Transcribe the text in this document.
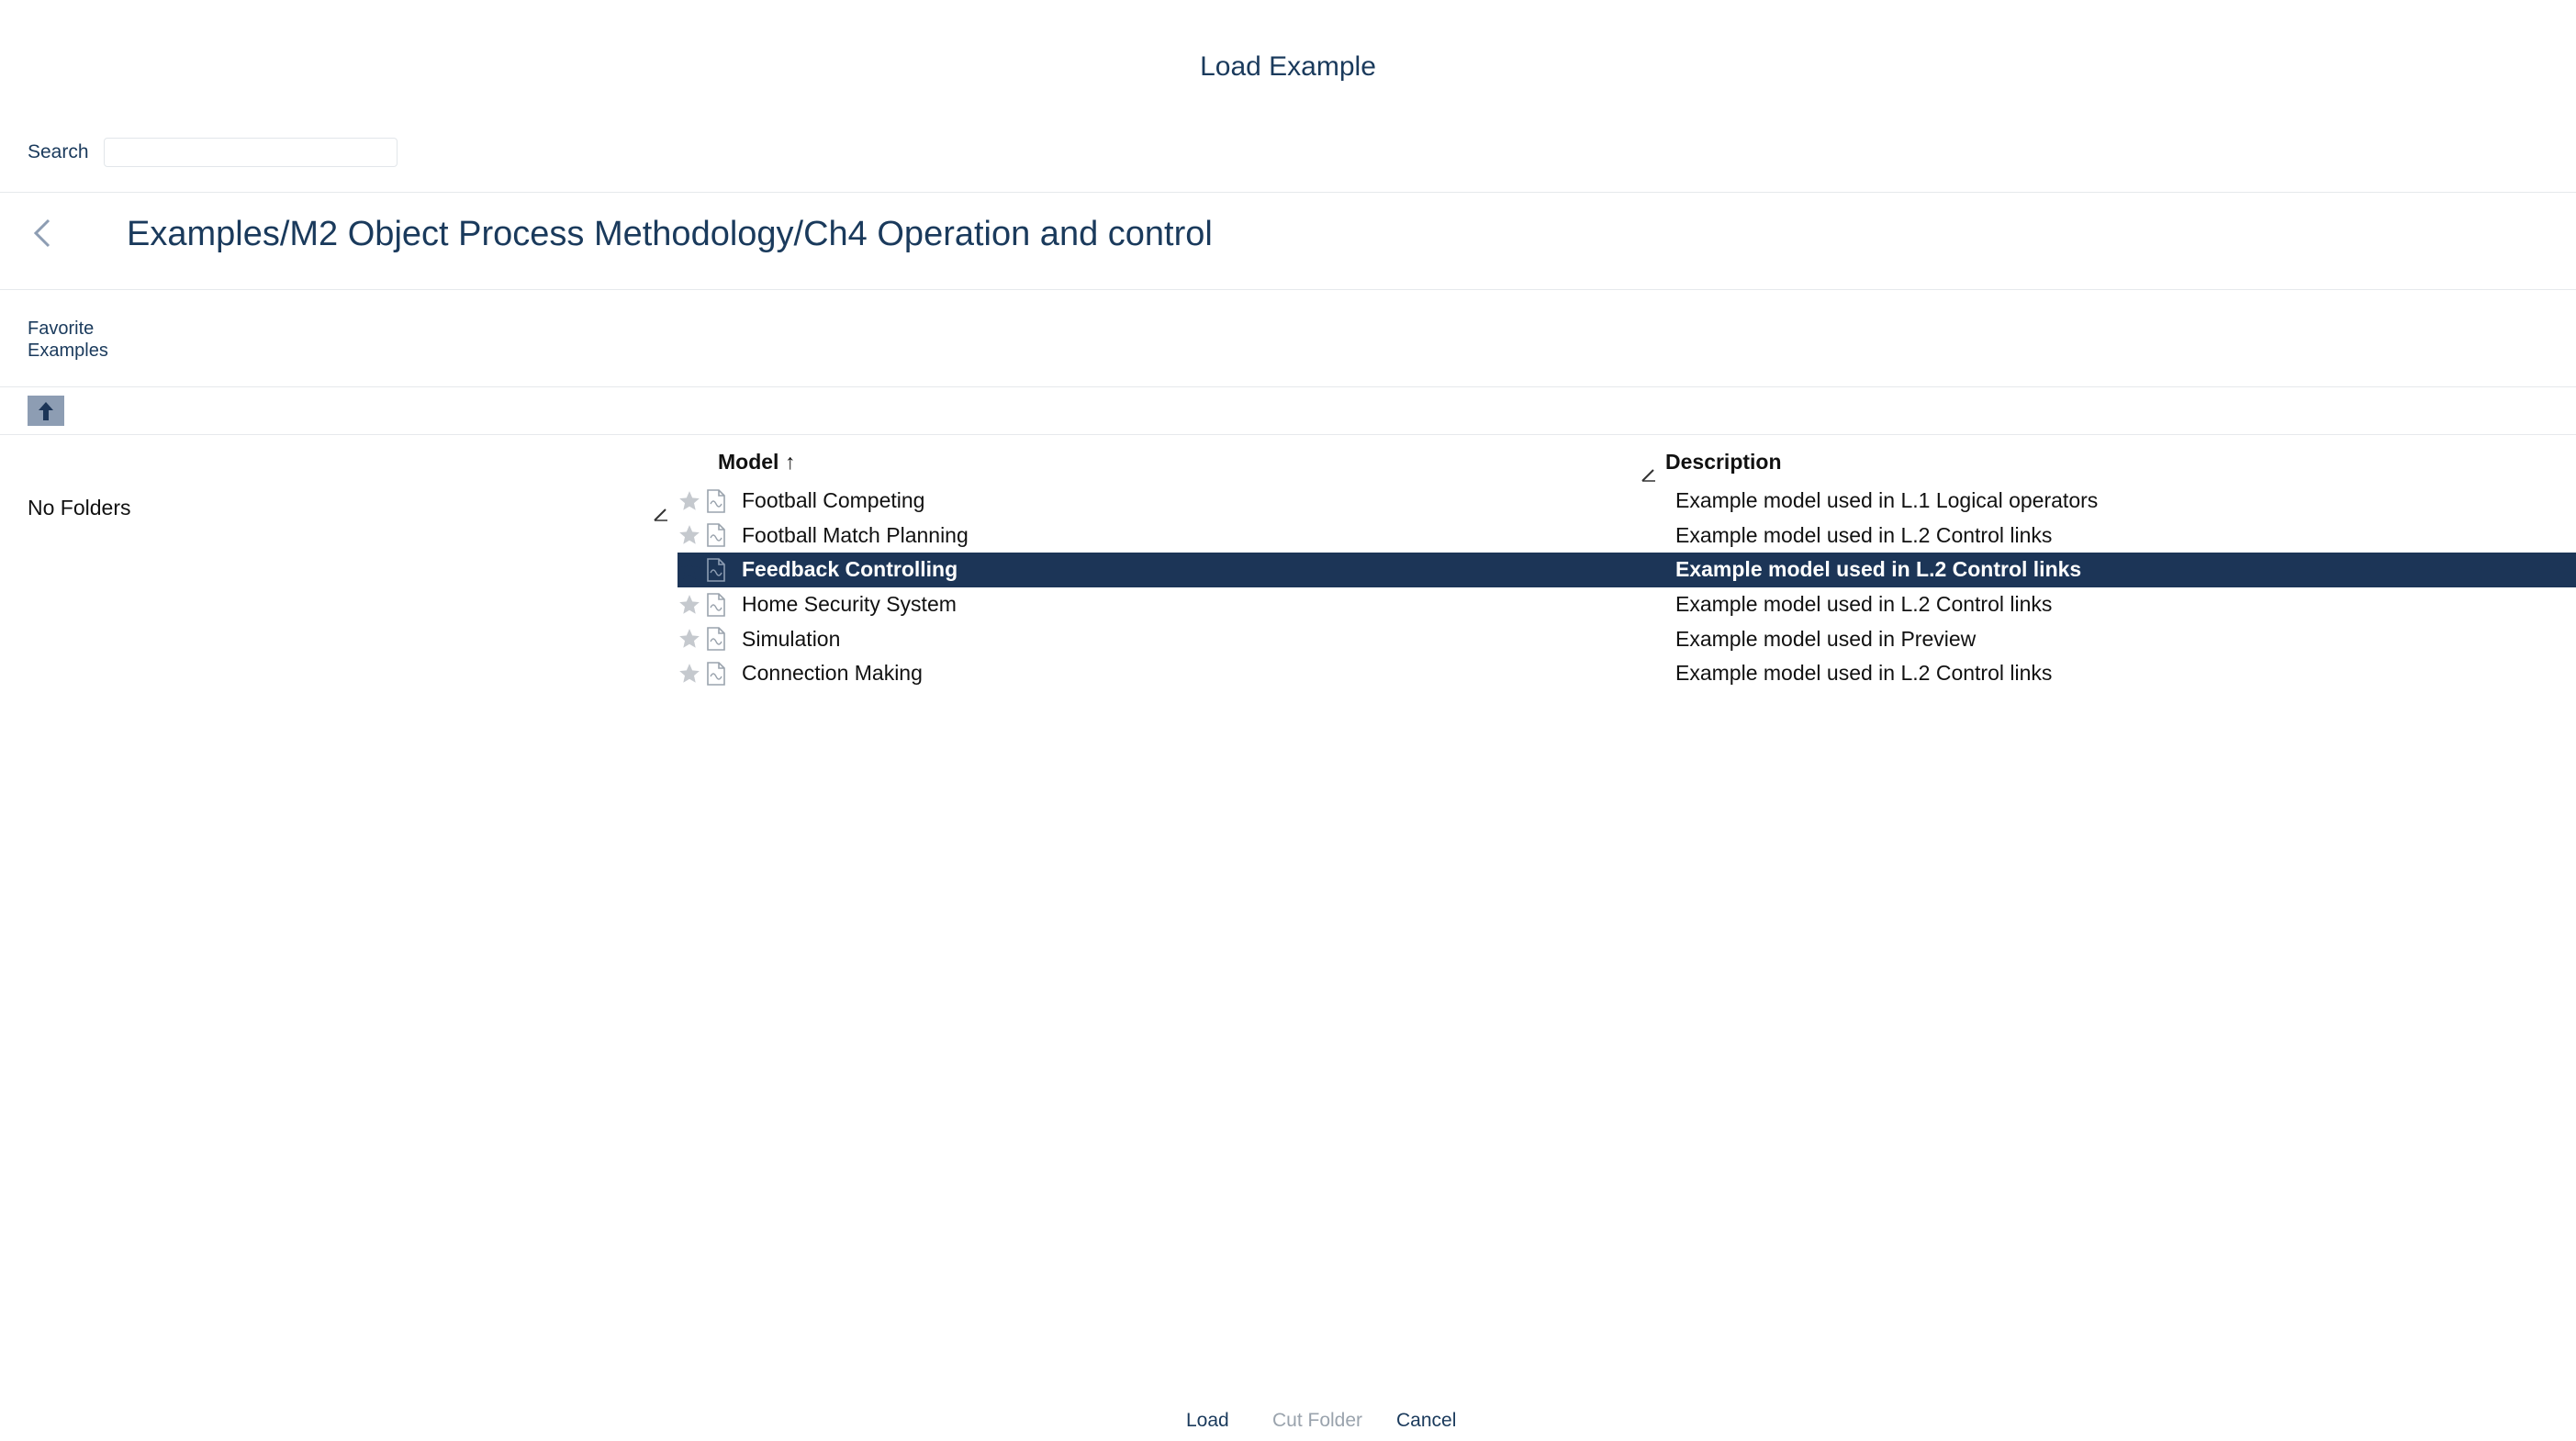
Load Example
Search
Examples/M2 Object Process Methodology/Ch4 Operation and control
Favorite Examples
No Folders
Model ↑	Description
Football Competing	Example model used in L.1 Logical operators
Football Match Planning	Example model used in L.2 Control links
Feedback Controlling	Example model used in L.2 Control links
Home Security System	Example model used in L.2 Control links
Simulation	Example model used in Preview
Connection Making	Example model used in L.2 Control links
Load Cut Folder Cancel
